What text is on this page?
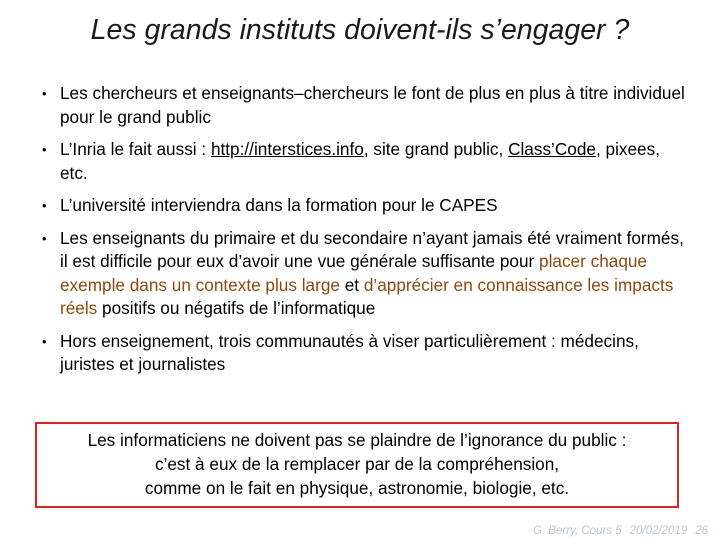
Les grands instituts doivent-ils s’engager ?
• Les chercheurs et enseignants–chercheurs le font de plus en plus à titre individuel pour le grand public
• L’Inria le fait aussi : http://interstices.info, site grand public, Class’Code, pixees, etc.
• L’université interviendra dans la formation pour le CAPES
• Les enseignants du primaire et du secondaire n’ayant jamais été vraiment formés, il est difficile pour eux d’avoir une vue générale suffisante pour placer chaque exemple dans un contexte plus large et d’apprécier en connaissance les impacts réels positifs ou négatifs de l’informatique
• Hors enseignement, trois communautés à viser particulièrement : médecins, juristes et journalistes
Les informaticiens ne doivent pas se plaindre de l’ignorance du public :
c’est à eux de la remplacer par de la compréhension,
comme on le fait en physique, astronomie, biologie, etc.
G. Berry, Cours 5 20/02/2019 26
